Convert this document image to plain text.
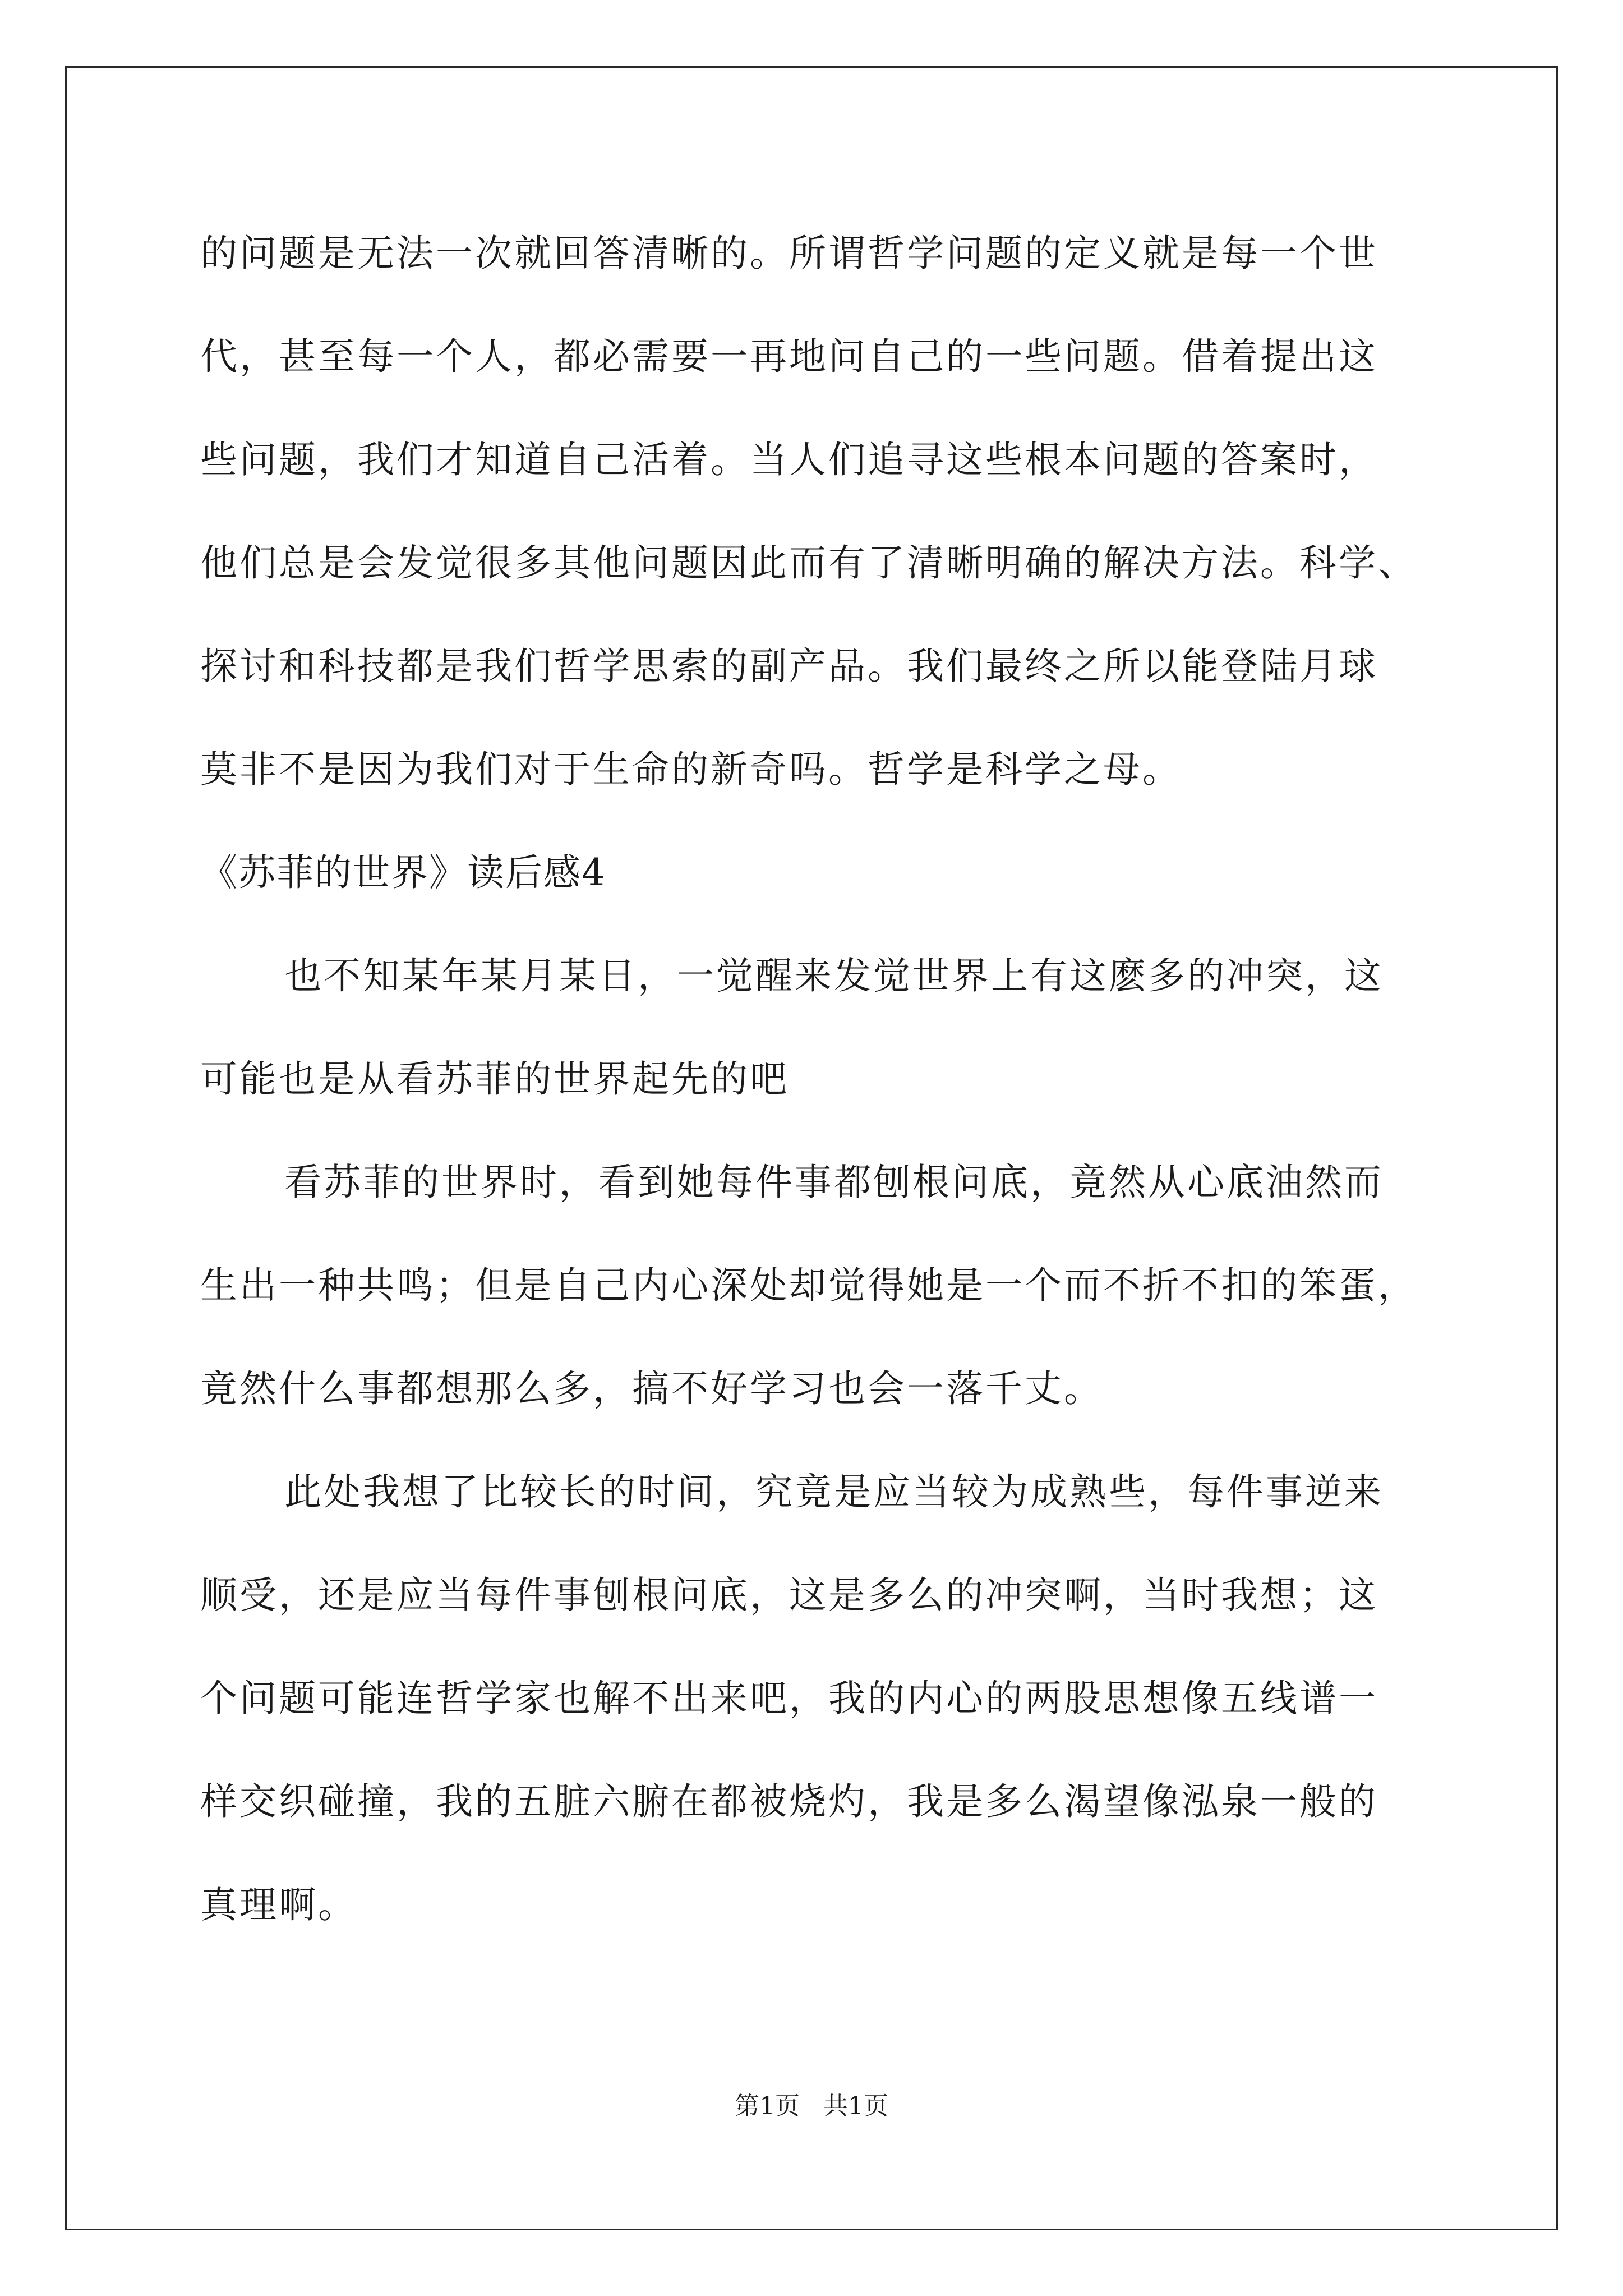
的问题是无法一次就回答清晰的。所谓哲学问题的定义就是每一个世
代，甚至每一个人，都必需要一再地问自己的一些问题。借着提出这
些问题，我们才知道自己活着。当人们追寻这些根本问题的答案时，
他们总是会发觉很多其他问题因此而有了清晰明确的解决方法。科学、
探讨和科技都是我们哲学思索的副产品。我们最终之所以能登陆月球
莫非不是因为我们对于生命的新奇吗。哲学是科学之母。
《苏菲的世界》读后感4
也不知某年某月某日，一觉醒来发觉世界上有这麽多的冲突，这
可能也是从看苏菲的世界起先的吧
看苏菲的世界时，看到她每件事都刨根问底，竟然从心底油然而
生出一种共鸣；但是自己内心深处却觉得她是一个而不折不扣的笨蛋，
竟然什么事都想那么多，搞不好学习也会一落千丈。
此处我想了比较长的时间，究竟是应当较为成熟些，每件事逆来
顺受，还是应当每件事刨根问底，这是多么的冲突啊，当时我想；这
个问题可能连哲学家也解不出来吧，我的内心的两股思想像五线谱一
样交织碰撞，我的五脏六腑在都被烧灼，我是多么渴望像泓泉一般的
真理啊。
第1页   共1页
